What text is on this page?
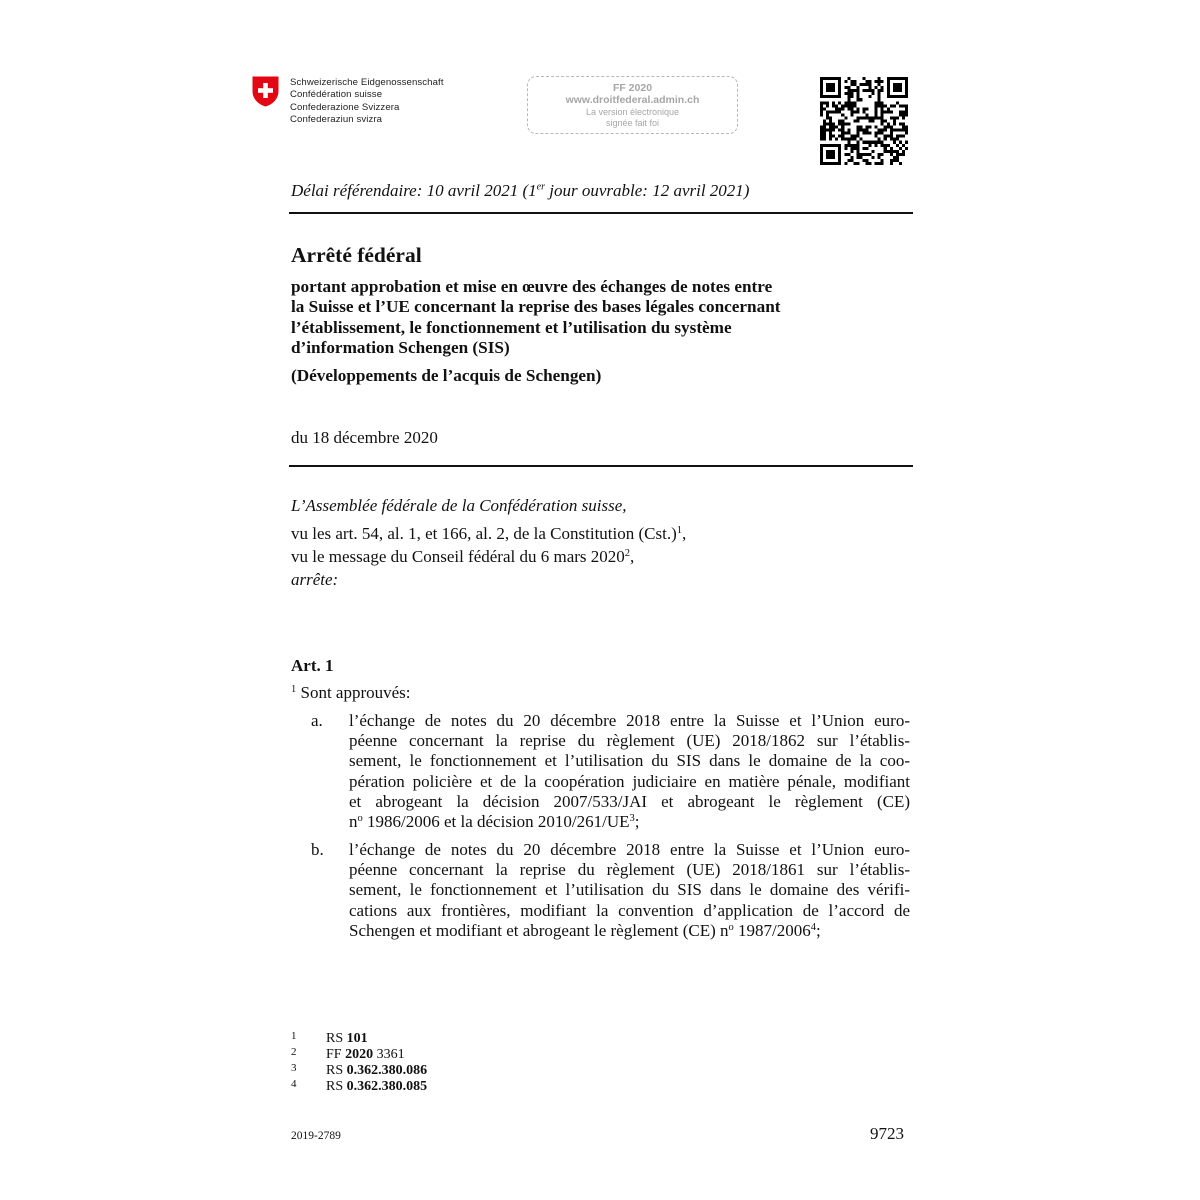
Schweizerische Eidgenossenschaft
Confédération suisse
Confederazione Svizzera
Confederaziun svizra
FF 2020
www.droitfederal.admin.ch
La version électronique
signée fait foi
Délai référendaire: 10 avril 2021 (1er jour ouvrable: 12 avril 2021)
Arrêté fédéral
portant approbation et mise en œuvre des échanges de notes entre
la Suisse et l’UE concernant la reprise des bases légales concernant
l’établissement, le fonctionnement et l’utilisation du système
d’information Schengen (SIS)
(Développements de l’acquis de Schengen)
du 18 décembre 2020
L’Assemblée fédérale de la Confédération suisse,
vu les art. 54, al. 1, et 166, al. 2, de la Constitution (Cst.)$^1$,
vu le message du Conseil fédéral du 6 mars 2020$^2$,
arrête:
Art. 1
$^1$ Sont approuvés:
a. l’échange de notes du 20 décembre 2018 entre la Suisse et l’Union euro-
péenne concernant la reprise du règlement (UE) 2018/1862 sur l’établis-
sement, le fonctionnement et l’utilisation du SIS dans le domaine de la coo-
pération policière et de la coopération judiciaire en matière pénale, modifiant
et abrogeant la décision 2007/533/JAI et abrogeant le règlement (CE)
n$^o$ 1986/2006 et la décision 2010/261/UE$^3$;
b. l’échange de notes du 20 décembre 2018 entre la Suisse et l’Union euro-
péenne concernant la reprise du règlement (UE) 2018/1861 sur l’établis-
sement, le fonctionnement et l’utilisation du SIS dans le domaine des vérifi-
cations aux frontières, modifiant la convention d’application de l’accord de
Schengen et modifiant et abrogeant le règlement (CE) n$^o$ 1987/2006$^4$;
1 RS 101
2 FF 2020 3361
3 RS 0.362.380.086
4 RS 0.362.380.085
2019-2789	9723
